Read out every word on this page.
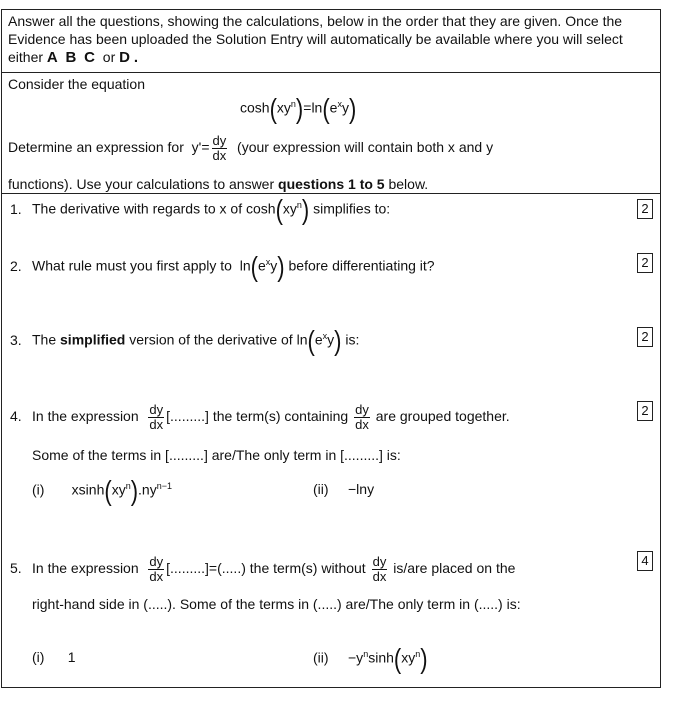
Answer all the questions, showing the calculations, below in the order that they are given. Once the Evidence has been uploaded the Solution Entry will automatically be available where you will select either A B C or D .
Consider the equation
$\cosh(xy^n)=\ln(e^xy)$
Determine an expression for $y'= \frac{dy}{dx}$ (your expression will contain both x and y
functions). Use your calculations to answer questions 1 to 5 below.
1. The derivative with regards to x of $\cosh(xy^n)$ simplifies to:	2
2. What rule must you first apply to $\ln(e^xy)$ before differentiating it?	2
3. The simplified version of the derivative of $\ln(e^xy)$ is:	2
4. In the expression $\frac{dy}{dx}$ [.........] the term(s) containing $\frac{dy}{dx}$ are grouped together.	2
Some of the terms in [.........] are/The only term in [.........] is:
(i) $xsinh(xy^n).ny^{n-1}$	(ii) −lny
5. In the expression $\frac{dy}{dx}$ [.........]=(.....) the term(s) without $\frac{dy}{dx} is/are$ placed on the	4
right-hand side in (.....). Some of the terms in (.....) are/The only term in (.....) is:
(i) 1	$(ii) -y^n\sinh(xy^n)$
